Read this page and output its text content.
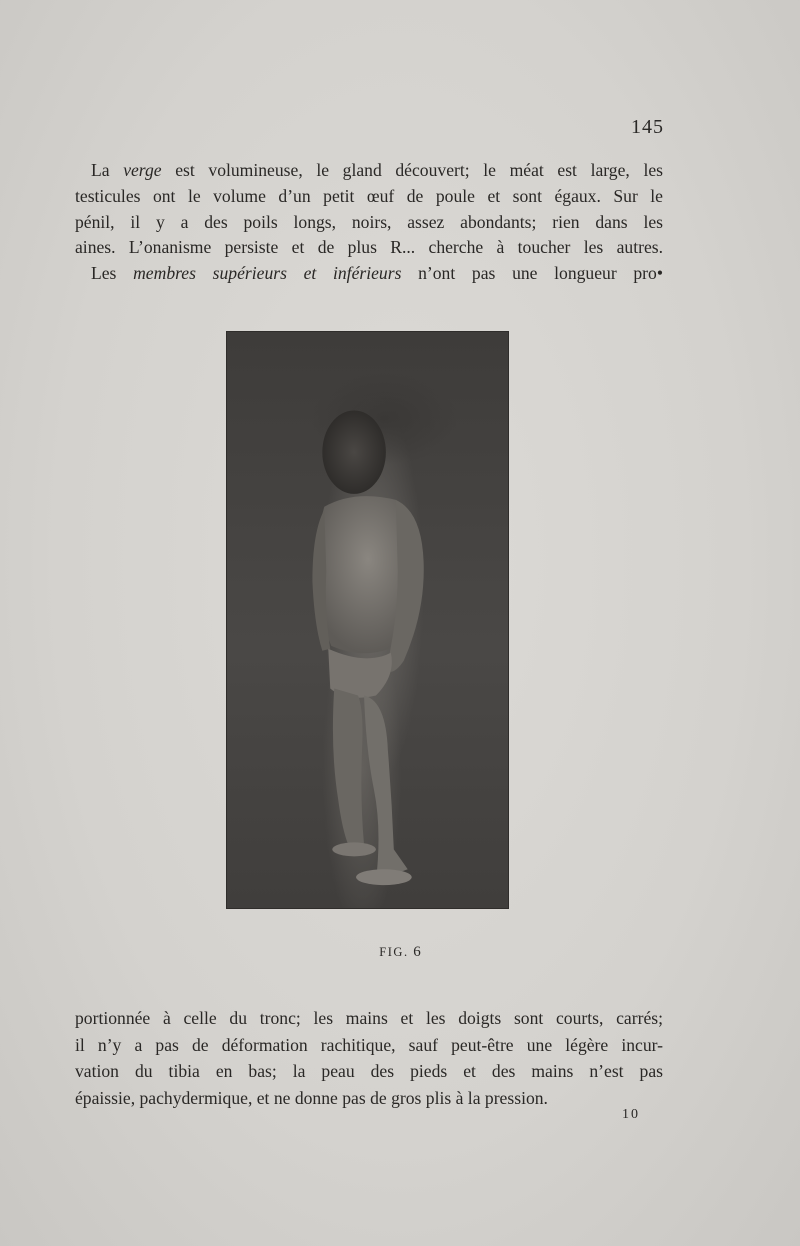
145

La verge est volumineuse, le gland découvert; le méat est large, les
testicules ont le volume d’un petit œuf de poule et sont égaux. Sur le
pénil, il y a des poils longs, noirs, assez abondants; rien dans les
aines. L’onanisme persiste et de plus R... cherche à toucher les autres.
Les membres supérieurs et inférieurs n’ont pas une longueur pro•

FIG. 6

portionnée à celle du tronc; les mains et les doigts sont courts, carrés;
il n’y a pas de déformation rachitique, sauf peut-être une légère incur-
vation du tibia en bas; la peau des pieds et des mains n’est pas
épaissie, pachydermique, et ne donne pas de gros plis à la pression.

10
